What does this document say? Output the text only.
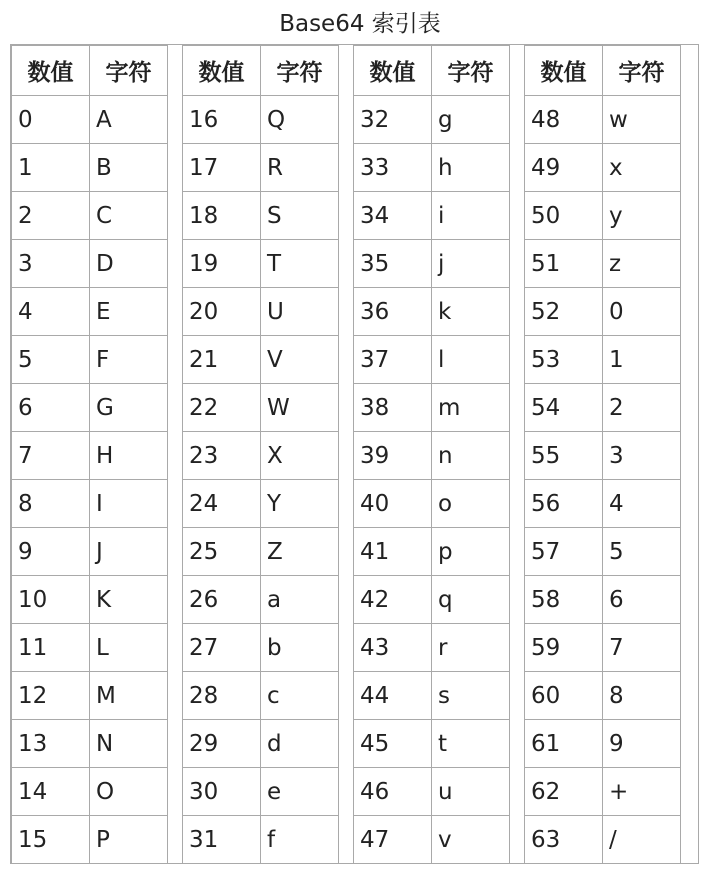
Base64 索引表
数值	字符
0	A
1	B
2	C
3	D
4	E
5	F
6	G
7	H
8	I
9	J
10	K
11	L
12	M
13	N
14	O
15	P
数值	字符
16	Q
17	R
18	S
19	T
20	U
21	V
22	W
23	X
24	Y
25	Z
26	a
27	b
28	c
29	d
30	e
31	f
数值	字符
32	g
33	h
34	i
35	j
36	k
37	l
38	m
39	n
40	o
41	p
42	q
43	r
44	s
45	t
46	u
47	v
数值	字符
48	w
49	x
50	y
51	z
52	0
53	1
54	2
55	3
56	4
57	5
58	6
59	7
60	8
61	9
62	+
63	/
